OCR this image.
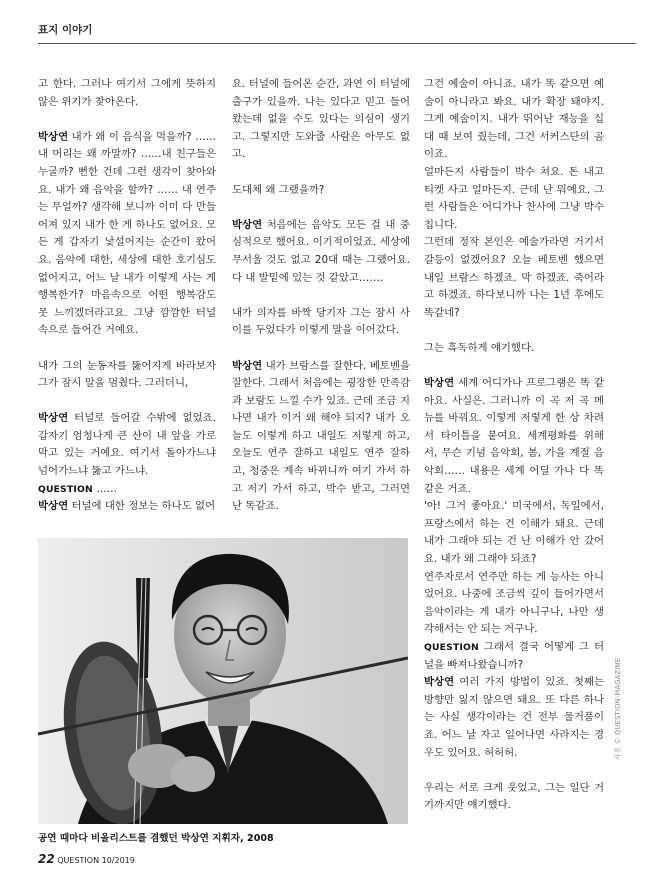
표지 이야기

고 한다. 그러나 여기서 그에게 뜻하지 않은 위기가 찾아온다.

박상연 내가 왜 이 음식을 먹을까? …… 내 머리는 왜 까말까? ……내 친구들은 누굴까? 뻔한 건데 그런 생각이 찾아와요. 내가 왜 음악을 할까? …… 내 연주는 무얼까? 생각해 보니까 이미 다 만들어져 있지 내가 한 게 하나도 없어요. 모든 게 갑자기 낯설어지는 순간이 왔어요. 음악에 대한, 세상에 대한 호기심도 없어지고, 어느 날 내가 이렇게 사는 게 행복한가? 마음속으로 어떤 행복감도 못 느끼겠더라고요. 그냥 깜깜한 터널 속으로 들어간 거예요.

내가 그의 눈동자를 뚫어지게 바라보자 그가 잠시 말을 멈췄다. 그러더니,

박상연 터널로 들어갈 수밖에 없었죠. 갑자기 엄청나게 큰 산이 내 앞을 가로막고 있는 거예요. 여기서 돌아가느냐 넘어가느냐 뚫고 가느냐.

QUESTION ……

박상연 터널에 대한 정보는 하나도 없어

요. 터널에 들어온 순간, 과연 이 터널에 출구가 있을까. 나는 있다고 믿고 들어왔는데 없을 수도 있다는 의심이 생기고. 그렇지만 도와줄 사람은 아무도 없고.

도대체 왜 그랬을까?

박상연 처음에는 음악도 모든 걸 내 중심적으로 했어요. 이기적이었죠. 세상에 무서울 것도 없고 20대 때는 그랬어요. 다 내 발밑에 있는 것 같았고…….

내가 의자를 바짝 당기자 그는 잠시 사이를 두었다가 이렇게 말을 이어갔다.

박상연 내가 브람스를 잘한다. 베토벤을 잘한다. 그래서 처음에는 굉장한 만족감과 보람도 느낄 수가 있죠. 근데 조금 지나면 내가 이거 왜 해야 되지? 내가 오늘도 이렇게 하고 내일도 저렇게 하고, 오늘도 연주 잘하고 내일도 연주 잘하고, 청중은 계속 바뀌니까 여기 가서 하고 저기 가서 하고, 박수 받고, 그러면 난 똑같죠.

그건 예술이 아니죠. 내가 똑 같으면 예술이 아니라고 봐요. 내가 확장 돼야지. 그게 예술이지. 내가 뛰어난 재능을 십 대 때 보여 줬는데, 그건 서커스단의 곰이죠.

얼마든지 사람들이 박수 쳐요. 돈 내고 티켓 사고 얼마든지. 근데 난 뭐예요. 그런 사람들은 어디가나 찬사에 그냥 박수 칩니다.

그런데 정작 본인은 예술가라면 거기서 갈등이 없겠어요? 오늘 베토벤 했으면 내일 브람스 하겠죠. 막 하겠죠. 죽어라고 하겠죠. 하다보니까 나는 1년 후에도 똑같네?

그는 흑독하게 얘기했다.

박상연 세계 어디가나 프로그램은 똑 같아요. 사실은. 그러니까 이 곡 저 곡 메뉴를 바꿔요. 이렇게 저렇게 한 상 차려서 타이틀을 붙여요. 세계평화를 위해서, 무슨 기념 음악회, 봄, 가을 계절 음악회…… 내용은 세계 어딜 가나 다 똑같은 거죠.

'아! 그거 좋아요.' 미국에서, 독일에서, 프랑스에서 하는 건 이해가 돼요. 근데 내가 그래야 되는 건 난 이해가 안 갔어요. 내가 왜 그래야 되죠?

연주자로서 연주만 하는 게 능사는 아니었어요. 나중에 조금씩 깊이 들어가면서 음악이라는 게 내가 아니구나, 나만 생각해서는 안 되는 거구나.

QUESTION 그래서 결국 어떻게 그 터널을 빠져나왔습니까?

박상연 여러 가지 방법이 있죠. 첫째는 방향만 잃지 않으면 돼요. 또 다른 하나는 사실 생각이라는 건 전부 물거품이죠. 어느 날 자고 일어나면 사라지는 경우도 있어요. 허허허.

우리는 서로 크게 웃었고, 그는 일단 거기까지만 얘기했다.

공연 때마다 비올리스트를 겸했던 박상연 지휘자, 2008
사진 © QUESTION-MAGAZINE
22 QUESTION 10/2019
